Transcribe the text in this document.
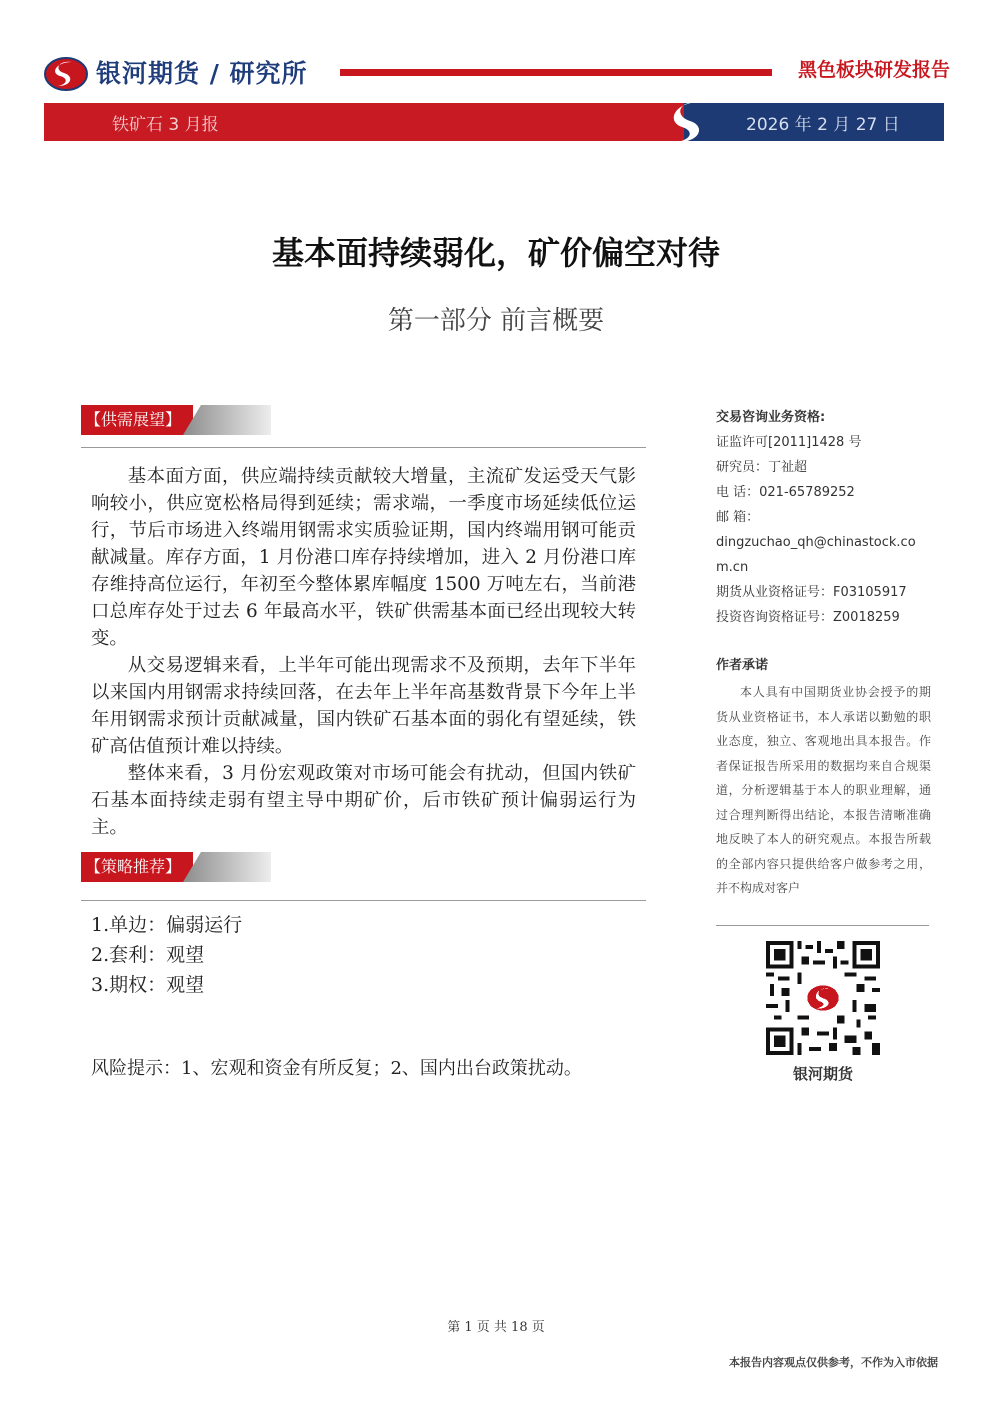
银河期货 / 研究所	黑色板块研发报告
铁矿石 3 月报	2026 年 2 月 27 日
基本面持续弱化，矿价偏空对待
第一部分 前言概要
【供需展望】

基本面方面，供应端持续贡献较大增量，主流矿发运受天气影响较小，供应宽松格局得到延续；需求端，一季度市场延续低位运行，节后市场进入终端用钢需求实质验证期，国内终端用钢可能贡献减量。库存方面，1 月份港口库存持续增加，进入 2 月份港口库存维持高位运行，年初至今整体累库幅度 1500 万吨左右，当前港口总库存处于过去 6 年最高水平，铁矿供需基本面已经出现较大转变。

从交易逻辑来看，上半年可能出现需求不及预期，去年下半年以来国内用钢需求持续回落，在去年上半年高基数背景下今年上半年用钢需求预计贡献减量，国内铁矿石基本面的弱化有望延续，铁矿高估值预计难以持续。

整体来看，3 月份宏观政策对市场可能会有扰动，但国内铁矿石基本面持续走弱有望主导中期矿价，后市铁矿预计偏弱运行为主。

【策略推荐】
1.单边：偏弱运行
2.套利：观望
3.期权：观望
风险提示：1、宏观和资金有所反复；2、国内出台政策扰动。
交易咨询业务资格:
证监许可[2011]1428 号
研究员：丁祉超
电 话：021-65789252
邮 箱：
dingzuchao_qh@chinastock.com.cn
期货从业资格证号：F03105917
投资咨询资格证号：Z0018259
作者承诺
本人具有中国期货业协会授予的期货从业资格证书，本人承诺以勤勉的职业态度，独立、客观地出具本报告。作者保证报告所采用的数据均来自合规渠道，分析逻辑基于本人的职业理解，通过合理判断得出结论，本报告清晰准确地反映了本人的研究观点。本报告所载的全部内容只提供给客户做参考之用，并不构成对客户
银河期货
第 1 页 共 18 页
本报告内容观点仅供参考，不作为入市依据
